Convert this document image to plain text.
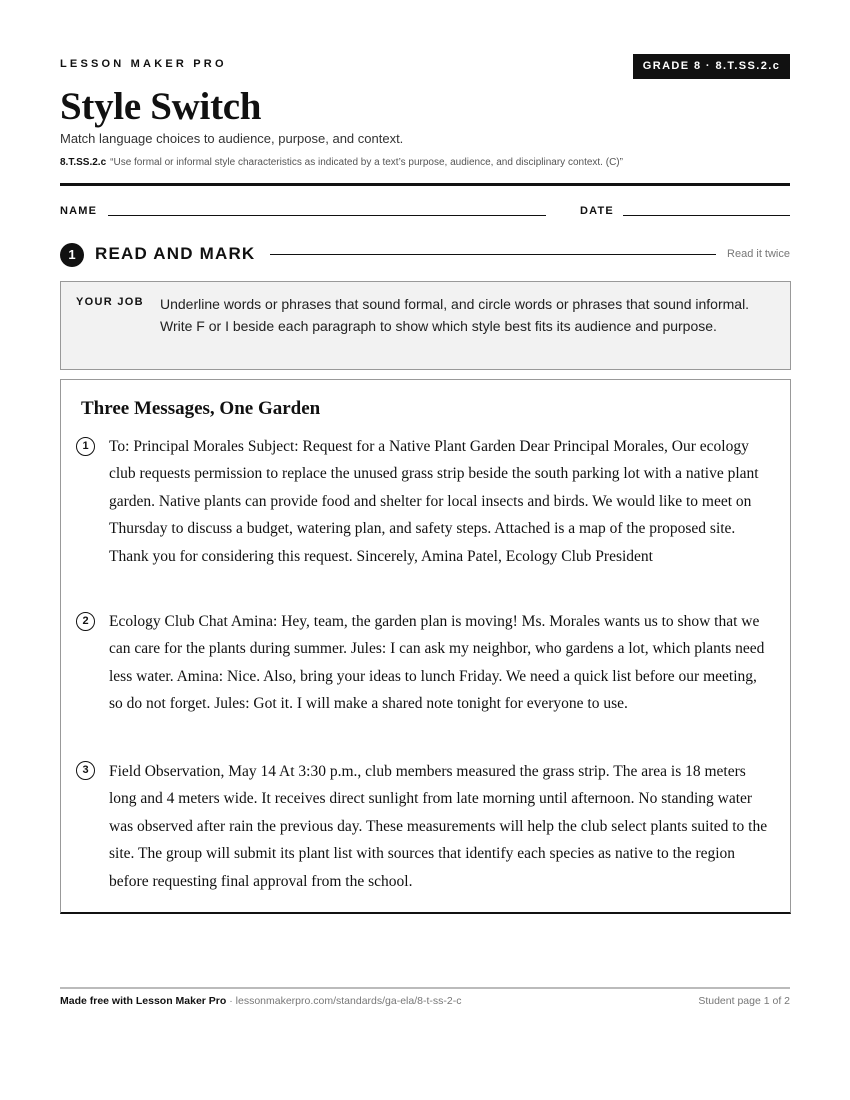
LESSON MAKER PRO	GRADE 8 · 8.T.SS.2.c
Style Switch
Match language choices to audience, purpose, and context.
8.T.SS.2.c “Use formal or informal style characteristics as indicated by a text’s purpose, audience, and disciplinary context. (C)”
NAME	DATE
1	READ AND MARK	Read it twice
YOUR JOB Underline words or phrases that sound formal, and circle words or phrases that sound informal. Write F or I beside each paragraph to show which style best fits its audience and purpose.
Three Messages, One Garden
1	To: Principal Morales Subject: Request for a Native Plant Garden Dear Principal Morales, Our ecology club requests permission to replace the unused grass strip beside the south parking lot with a native plant garden. Native plants can provide food and shelter for local insects and birds. We would like to meet on Thursday to discuss a budget, watering plan, and safety steps. Attached is a map of the proposed site. Thank you for considering this request. Sincerely, Amina Patel, Ecology Club President
2	Ecology Club Chat Amina: Hey, team, the garden plan is moving! Ms. Morales wants us to show that we can care for the plants during summer. Jules: I can ask my neighbor, who gardens a lot, which plants need less water. Amina: Nice. Also, bring your ideas to lunch Friday. We need a quick list before our meeting, so do not forget. Jules: Got it. I will make a shared note tonight for everyone to use.
3	Field Observation, May 14 At 3:30 p.m., club members measured the grass strip. The area is 18 meters long and 4 meters wide. It receives direct sunlight from late morning until afternoon. No standing water was observed after rain the previous day. These measurements will help the club select plants suited to the site. The group will submit its plant list with sources that identify each species as native to the region before requesting final approval from the school.
Made free with Lesson Maker Pro · lessonmakerpro.com/standards/ga-ela/8-t-ss-2-c	Student page 1 of 2
